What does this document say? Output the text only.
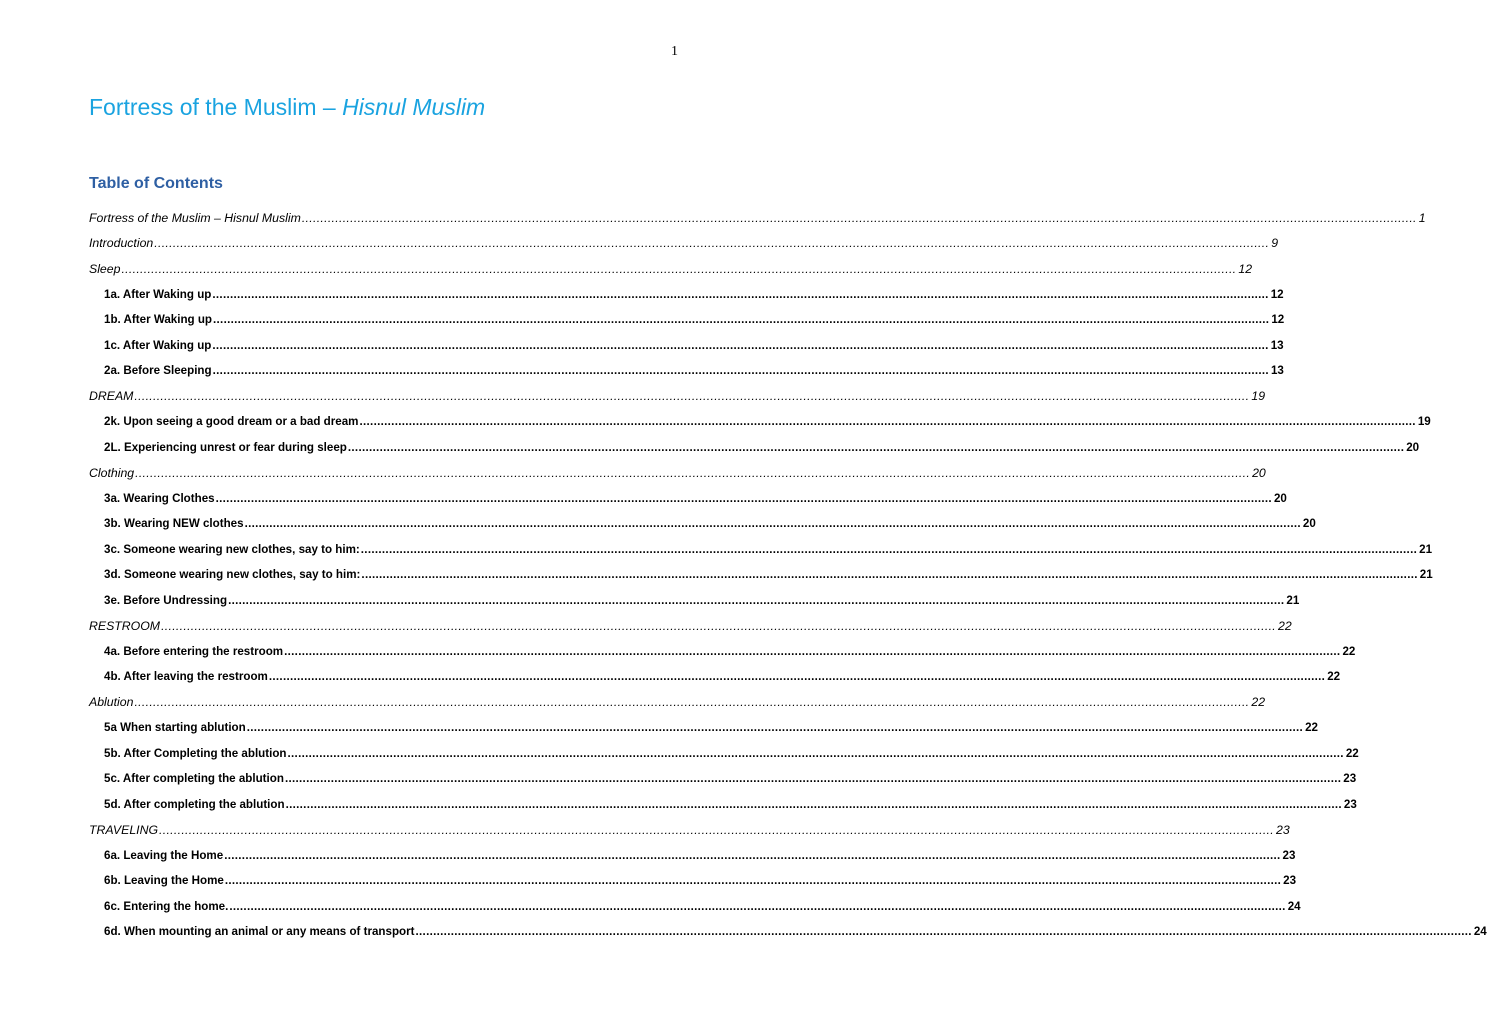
1
Fortress of the Muslim – Hisnul Muslim
Table of Contents
Fortress of the Muslim – Hisnul Muslim ............................................................................................................................................................................................................................................................................................................ 1
Introduction ............................................................................................................................................................................................................................................................................................................ 9
Sleep ............................................................................................................................................................................................................................................................................................................ 12
1a. After Waking up ............................................................................................................................................................................................................................................................................................................ 12
1b. After Waking up ............................................................................................................................................................................................................................................................................................................ 12
1c. After Waking up ............................................................................................................................................................................................................................................................................................................ 13
2a. Before Sleeping ............................................................................................................................................................................................................................................................................................................ 13
DREAM ............................................................................................................................................................................................................................................................................................................ 19
2k. Upon seeing a good dream or a bad dream ............................................................................................................................................................................................................................................................................................................ 19
2L. Experiencing unrest or fear during sleep ............................................................................................................................................................................................................................................................................................................ 20
Clothing ............................................................................................................................................................................................................................................................................................................ 20
3a. Wearing Clothes ............................................................................................................................................................................................................................................................................................................ 20
3b. Wearing NEW clothes ............................................................................................................................................................................................................................................................................................................ 20
3c. Someone wearing new clothes, say to him: ............................................................................................................................................................................................................................................................................................................ 21
3d. Someone wearing new clothes, say to him: ............................................................................................................................................................................................................................................................................................................ 21
3e. Before Undressing ............................................................................................................................................................................................................................................................................................................ 21
RESTROOM ............................................................................................................................................................................................................................................................................................................ 22
4a. Before entering the restroom ............................................................................................................................................................................................................................................................................................................ 22
4b. After leaving the restroom ............................................................................................................................................................................................................................................................................................................ 22
Ablution ............................................................................................................................................................................................................................................................................................................ 22
5a When starting ablution ............................................................................................................................................................................................................................................................................................................ 22
5b. After Completing the ablution ............................................................................................................................................................................................................................................................................................................ 22
5c. After completing the ablution ............................................................................................................................................................................................................................................................................................................ 23
5d. After completing the ablution ............................................................................................................................................................................................................................................................................................................ 23
TRAVELING ............................................................................................................................................................................................................................................................................................................ 23
6a. Leaving the Home ............................................................................................................................................................................................................................................................................................................ 23
6b. Leaving the Home ............................................................................................................................................................................................................................................................................................................ 23
6c. Entering the home. ............................................................................................................................................................................................................................................................................................................ 24
6d. When mounting an animal or any means of transport ............................................................................................................................................................................................................................................................................................................ 24
